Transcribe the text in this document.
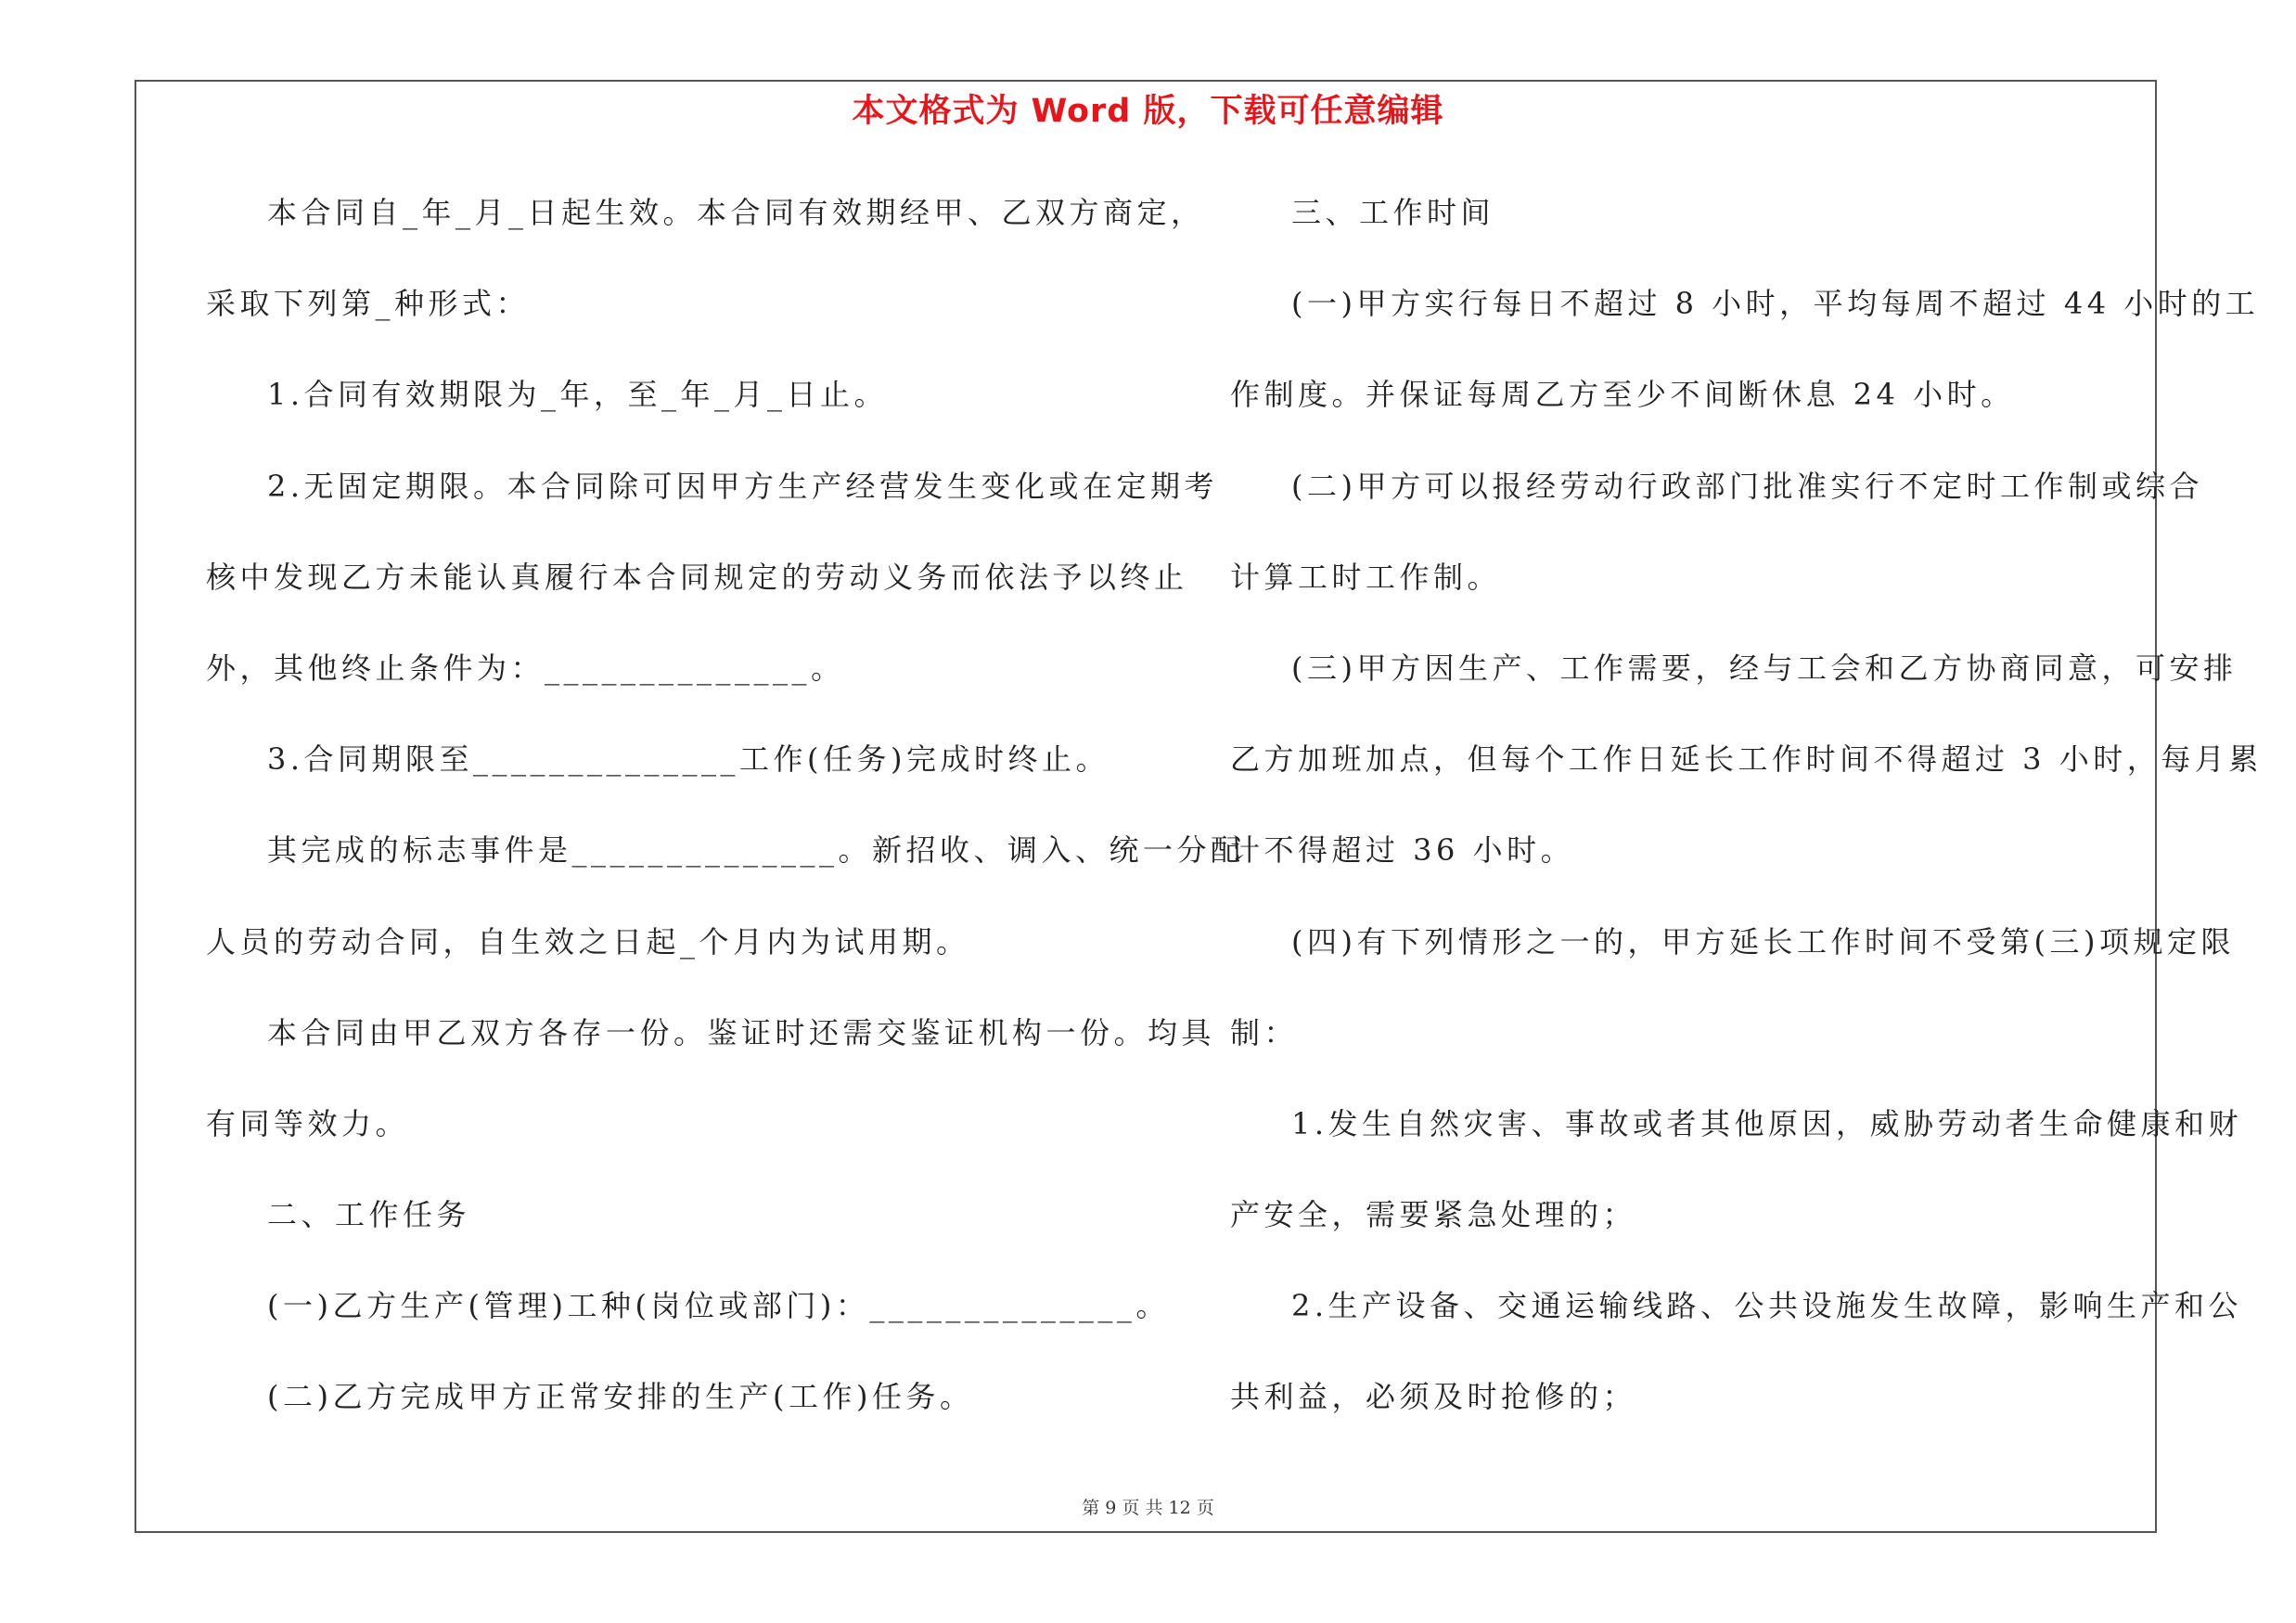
本文格式为 Word 版，下载可任意编辑
本合同自_年_月_日起生效。本合同有效期经甲、乙双方商定，
采取下列第_种形式：
1.合同有效期限为_年，至_年_月_日止。
2.无固定期限。本合同除可因甲方生产经营发生变化或在定期考
核中发现乙方未能认真履行本合同规定的劳动义务而依法予以终止
外，其他终止条件为：______________。
3.合同期限至______________工作(任务)完成时终止。
其完成的标志事件是______________。新招收、调入、统一分配
人员的劳动合同，自生效之日起_个月内为试用期。
本合同由甲乙双方各存一份。鉴证时还需交鉴证机构一份。均具
有同等效力。
二、工作任务
(一)乙方生产(管理)工种(岗位或部门)：______________。
(二)乙方完成甲方正常安排的生产(工作)任务。
三、工作时间
(一)甲方实行每日不超过 8 小时，平均每周不超过 44 小时的工
作制度。并保证每周乙方至少不间断休息 24 小时。
(二)甲方可以报经劳动行政部门批准实行不定时工作制或综合
计算工时工作制。
(三)甲方因生产、工作需要，经与工会和乙方协商同意，可安排
乙方加班加点，但每个工作日延长工作时间不得超过 3 小时，每月累
计不得超过 36 小时。
(四)有下列情形之一的，甲方延长工作时间不受第(三)项规定限
制：
1.发生自然灾害、事故或者其他原因，威胁劳动者生命健康和财
产安全，需要紧急处理的；
2.生产设备、交通运输线路、公共设施发生故障，影响生产和公
共利益，必须及时抢修的；
第 9 页 共 12 页
